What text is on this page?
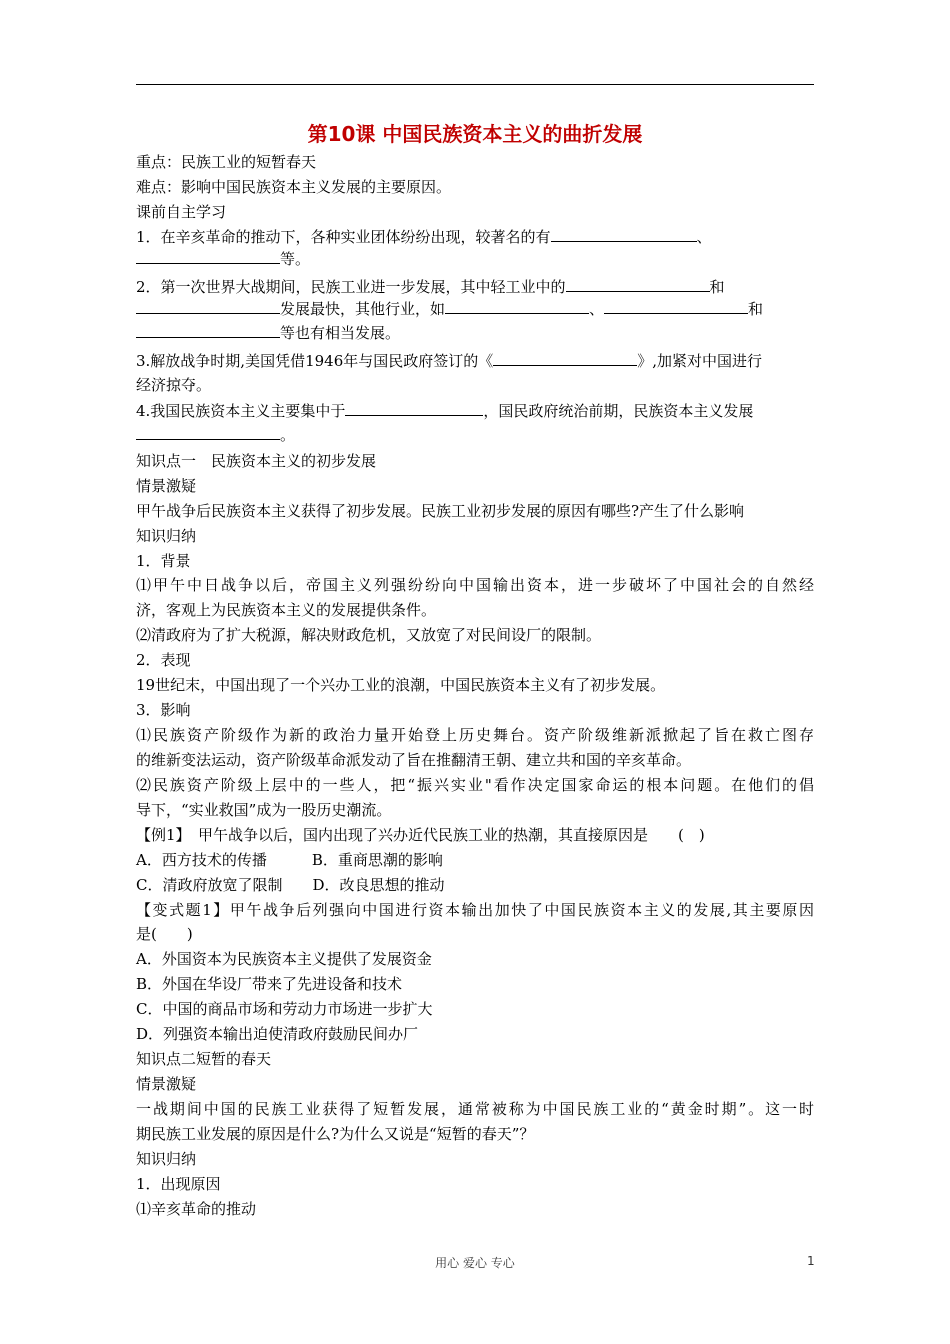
第10课 中国民族资本主义的曲折发展
重点：民族工业的短暂春天
难点：影响中国民族资本主义发展的主要原因。
课前自主学习
1．在辛亥革命的推动下，各种实业团体纷纷出现，较著名的有	、
等。
2．第一次世界大战期间，民族工业进一步发展，其中轻工业中的	和
发展最快，其他行业，如	、	和
等也有相当发展。
3.解放战争时期,美国凭借1946年与国民政府签订的《	》,加紧对中国进行
经济掠夺。
4.我国民族资本主义主要集中于	，国民政府统治前期，民族资本主义发展
。
知识点一　民族资本主义的初步发展
情景激疑
甲午战争后民族资本主义获得了初步发展。民族工业初步发展的原因有哪些?产生了什么影响
知识归纳
1．背景
⑴甲午中日战争以后，帝国主义列强纷纷向中国输出资本，进一步破坏了中国社会的自然经
济，客观上为民族资本主义的发展提供条件。
⑵清政府为了扩大税源，解决财政危机，又放宽了对民间设厂的限制。
2．表现
19世纪末，中国出现了一个兴办工业的浪潮，中国民族资本主义有了初步发展。
3．影响
⑴民族资产阶级作为新的政治力量开始登上历史舞台。资产阶级维新派掀起了旨在救亡图存
的维新变法运动，资产阶级革命派发动了旨在推翻清王朝、建立共和国的辛亥革命。
⑵民族资产阶级上层中的一些人，把“振兴实业"看作决定国家命运的根本问题。在他们的倡
导下，“实业救国”成为一股历史潮流。
【例1】　甲午战争以后，国内出现了兴办近代民族工业的热潮，其直接原因是　　(　)
A．西方技术的传播　　　B．重商思潮的影响
C．清政府放宽了限制　　D．改良思想的推动
【变式题1】甲午战争后列强向中国进行资本输出加快了中国民族资本主义的发展,其主要原因
是(　　)
A．外国资本为民族资本主义提供了发展资金
B．外国在华设厂带来了先进设备和技术
C．中国的商品市场和劳动力市场进一步扩大
D．列强资本输出迫使清政府鼓励民间办厂
知识点二短暂的春天
情景激疑
一战期间中国的民族工业获得了短暂发展，通常被称为中国民族工业的“黄金时期”。这一时
期民族工业发展的原因是什么?为什么又说是“短暂的春天”？
知识归纳
1．出现原因
⑴辛亥革命的推动
用心 爱心 专心	1
